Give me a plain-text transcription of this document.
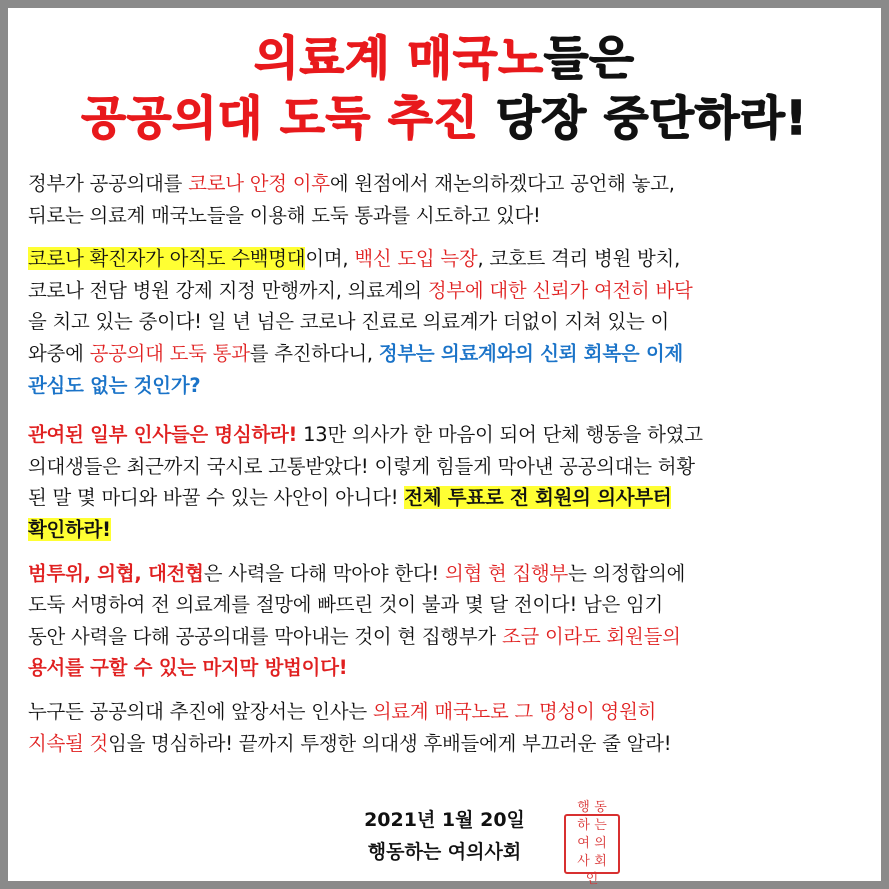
의료계 매국노들은
공공의대 도둑 추진 당장 중단하라!

정부가 공공의대를 코로나 안정 이후에 원점에서 재논의하겠다고 공언해 놓고,
뒤로는 의료계 매국노들을 이용해 도둑 통과를 시도하고 있다!

코로나 확진자가 아직도 수백명대이며, 백신 도입 늑장, 코호트 격리 병원 방치,
코로나 전담 병원 강제 지정 만행까지, 의료계의 정부에 대한 신뢰가 여전히 바닥
을 치고 있는 중이다! 일 년 넘은 코로나 진료로 의료계가 더없이 지쳐 있는 이
와중에 공공의대 도둑 통과를 추진하다니, 정부는 의료계와의 신뢰 회복은 이제
관심도 없는 것인가?

관여된 일부 인사들은 명심하라! 13만 의사가 한 마음이 되어 단체 행동을 하였고
의대생들은 최근까지 국시로 고통받았다! 이렇게 힘들게 막아낸 공공의대는 허황
된 말 몇 마디와 바꿀 수 있는 사안이 아니다! 전체 투표로 전 회원의 의사부터
확인하라!

범투위, 의협, 대전협은 사력을 다해 막아야 한다! 의협 현 집행부는 의정합의에
도둑 서명하여 전 의료계를 절망에 빠뜨린 것이 불과 몇 달 전이다! 남은 임기
동안 사력을 다해 공공의대를 막아내는 것이 현 집행부가 조금 이라도 회원들의
용서를 구할 수 있는 마지막 방법이다!

누구든 공공의대 추진에 앞장서는 인사는 의료계 매국노로 그 명성이 영원히
지속될 것임을 명심하라! 끝까지 투쟁한 의대생 후배들에게 부끄러운 줄 알라!

2021년 1월 20일
행동하는 여의사회
행 동
하 는
여 의
사 회
인
